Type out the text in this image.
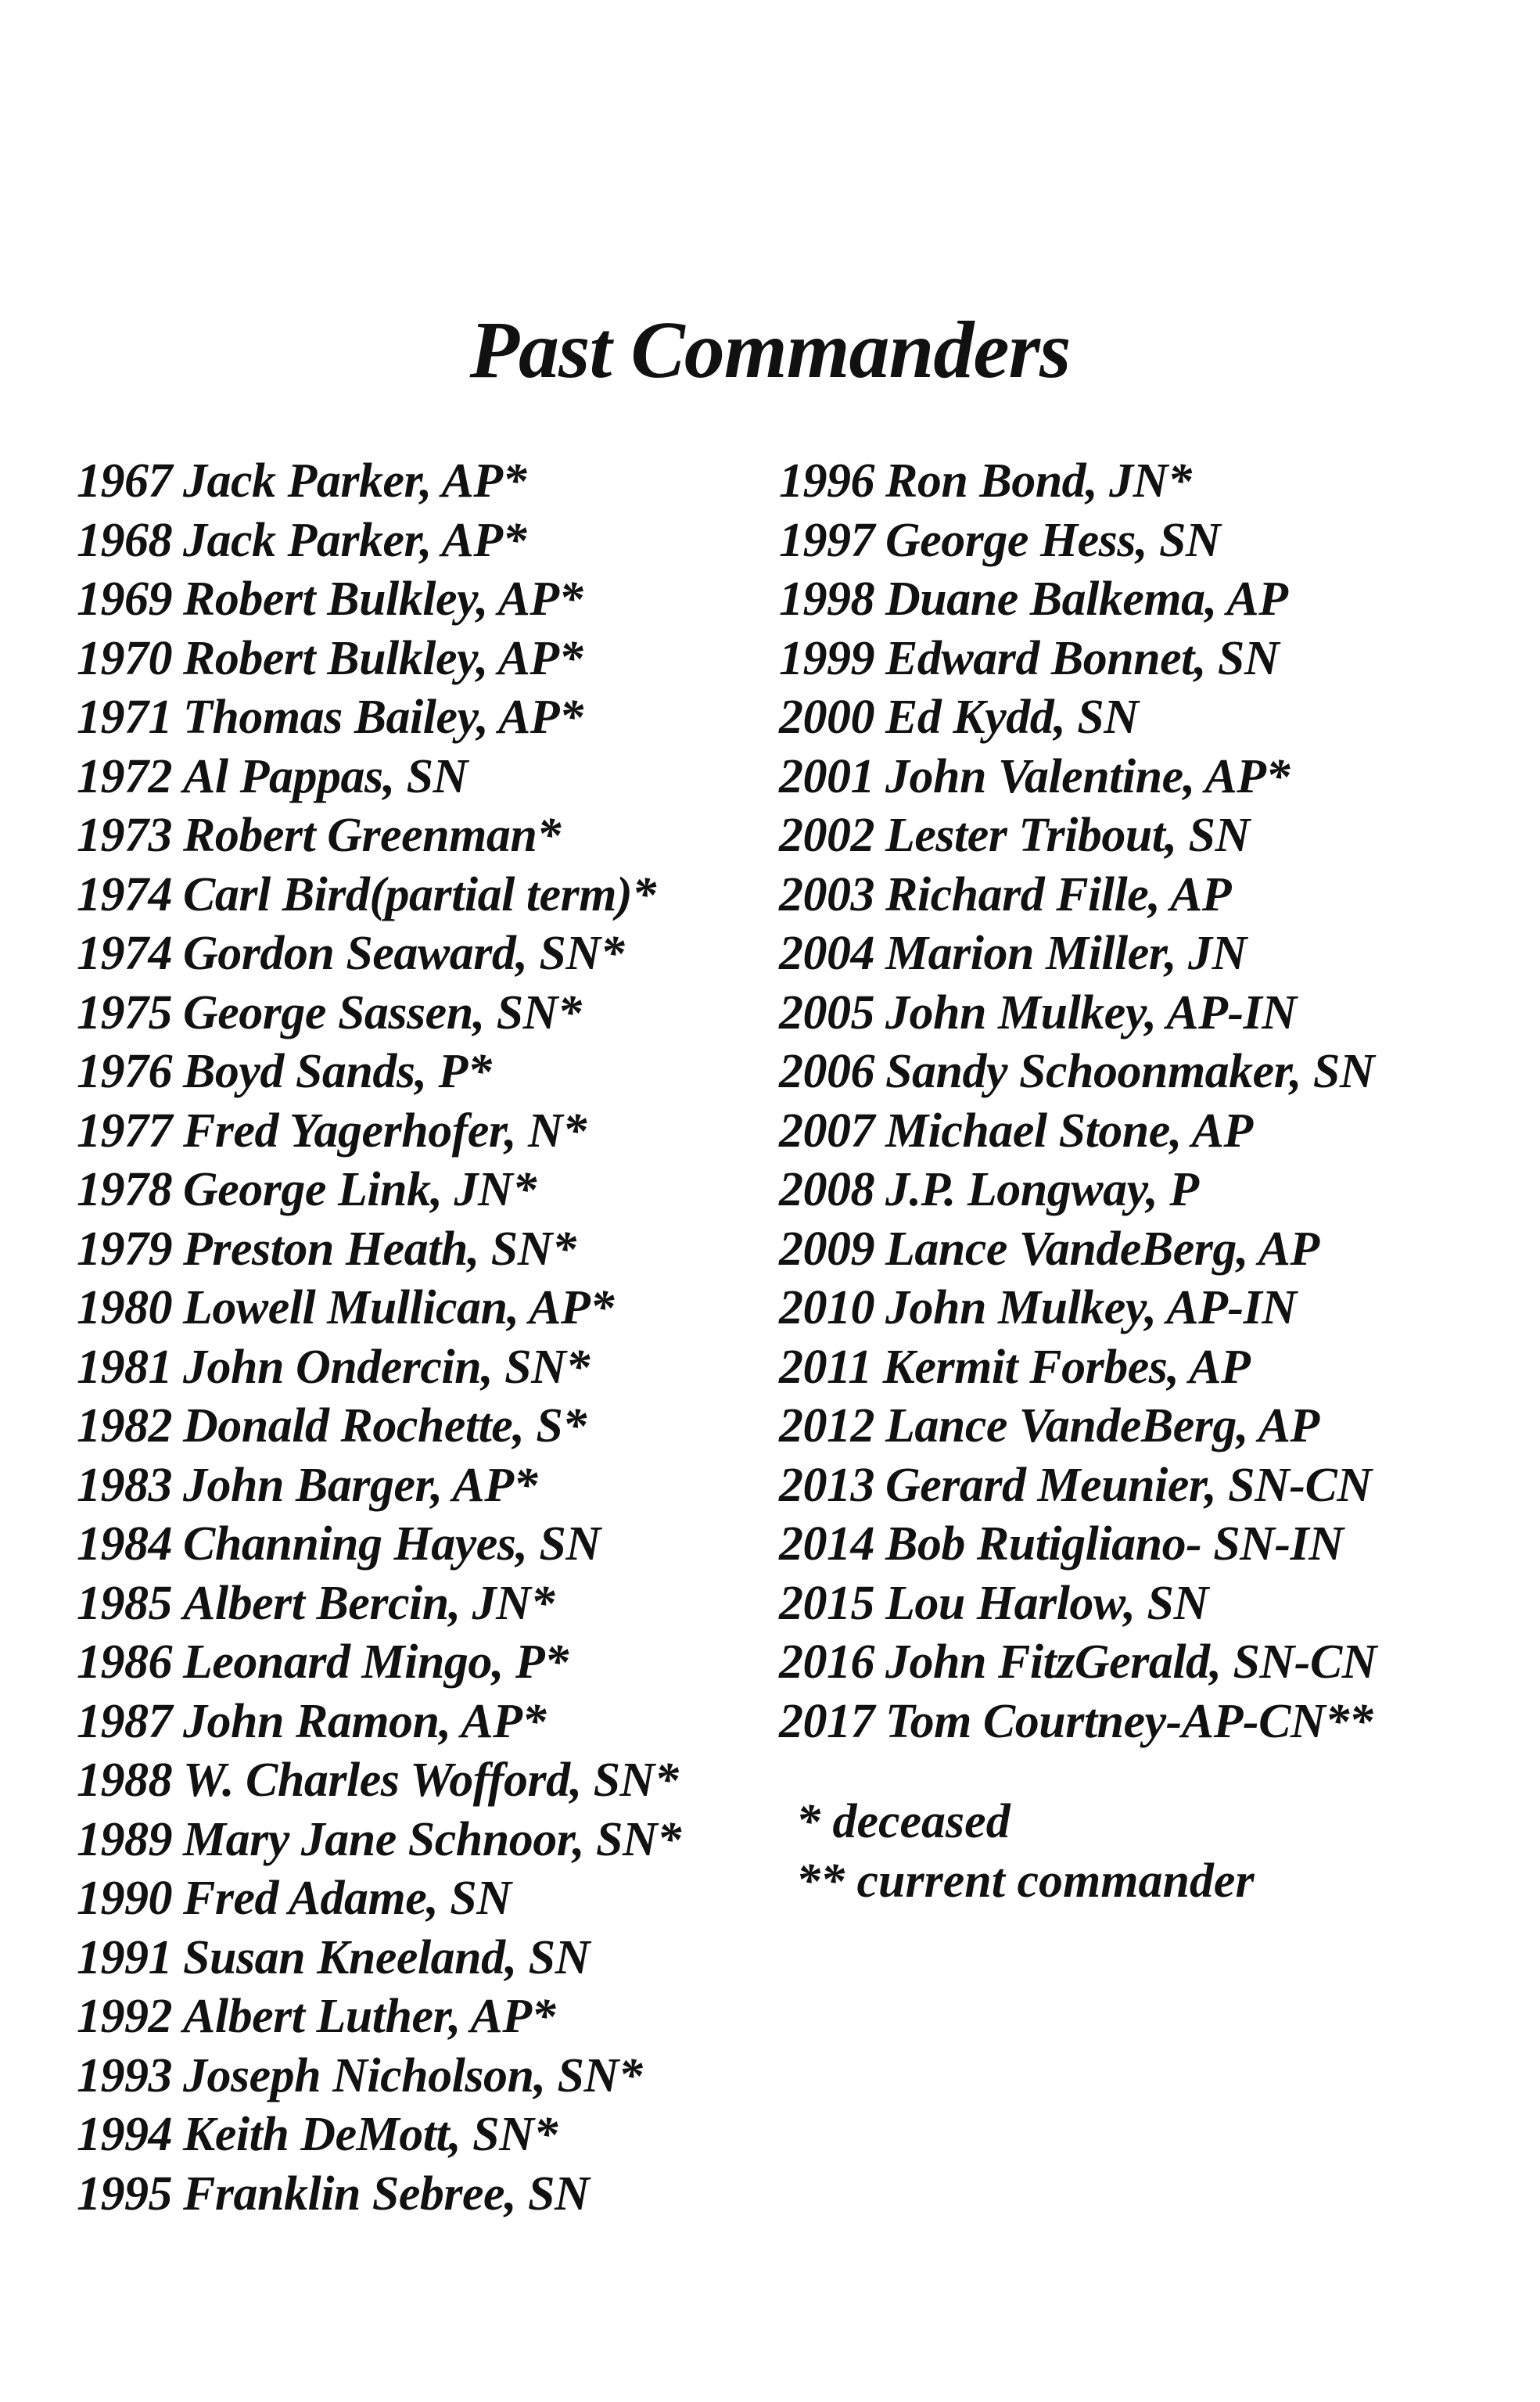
Past Commanders
1967 Jack Parker, AP*
1968 Jack Parker, AP*
1969 Robert Bulkley, AP*
1970 Robert Bulkley, AP*
1971 Thomas Bailey, AP*
1972 Al Pappas, SN
1973 Robert Greenman*
1974 Carl Bird(partial term)*
1974 Gordon Seaward, SN*
1975 George Sassen, SN*
1976 Boyd Sands, P*
1977 Fred Yagerhofer, N*
1978 George Link, JN*
1979 Preston Heath, SN*
1980 Lowell Mullican, AP*
1981 John Ondercin, SN*
1982 Donald Rochette, S*
1983 John Barger, AP*
1984 Channing Hayes, SN
1985 Albert Bercin, JN*
1986 Leonard Mingo, P*
1987 John Ramon, AP*
1988 W. Charles Wofford, SN*
1989 Mary Jane Schnoor, SN*
1990 Fred Adame, SN
1991 Susan Kneeland, SN
1992 Albert Luther, AP*
1993 Joseph Nicholson, SN*
1994 Keith DeMott, SN*
1995 Franklin Sebree, SN
1996 Ron Bond, JN*
1997 George Hess, SN
1998 Duane Balkema, AP
1999 Edward Bonnet, SN
2000 Ed Kydd, SN
2001 John Valentine, AP*
2002 Lester Tribout, SN
2003 Richard Fille, AP
2004 Marion Miller, JN
2005 John Mulkey, AP-IN
2006 Sandy Schoonmaker, SN
2007 Michael Stone, AP
2008 J.P. Longway, P
2009 Lance VandeBerg, AP
2010 John Mulkey, AP-IN
2011 Kermit Forbes, AP
2012 Lance VandeBerg, AP
2013 Gerard Meunier, SN-CN
2014 Bob Rutigliano- SN-IN
2015 Lou Harlow, SN
2016 John FitzGerald, SN-CN
2017 Tom Courtney-AP-CN**
* deceased
** current commander
